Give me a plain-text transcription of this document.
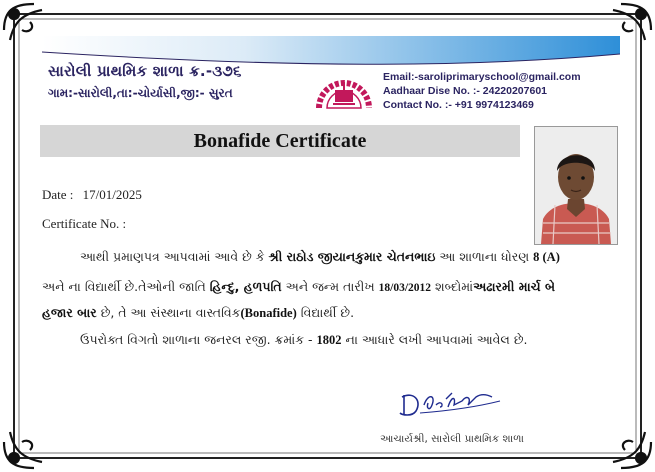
સારોલી પ્રાથમિક શાળા ક્ર.-૩૭૬
ગામ:-સારોલી,તા:-ચોર્યાસી,જી:- સુરત
Email:-saroliprimaryschool@gmail.com
Aadhaar Dise No. :- 24220207601
Contact No. :- +91 9974123469
Bonafide Certificate
Date : 17/01/2025
Certificate No. :
આથી પ્રમાણપત્ર આપવામાં આવે છે કે શ્રી રાઠોડ જીયાનકુમાર ચેતનભાઇ આ શાળાના ધોરણ 8 (A)
અને ના વિદ્યાર્થી છે.તેઓની જાતિ હિન્દુ, હળપતિ અને જન્મ તારીખ 18/03/2012 શબ્દોમાંઅઢારમી માર્ચ બે
હજાર બાર છે, તે આ સંસ્થાના વાસ્તવિક(Bonafide) વિદ્યાર્થી છે.
ઉપરોક્ત વિગતો શાળાના જનરલ રજી. ક્રમાંક - 1802 ના આધારે લખી આપવામાં આવેલ છે.
આચાર્યશ્રી, સારોલી પ્રાથમિક શાળા
